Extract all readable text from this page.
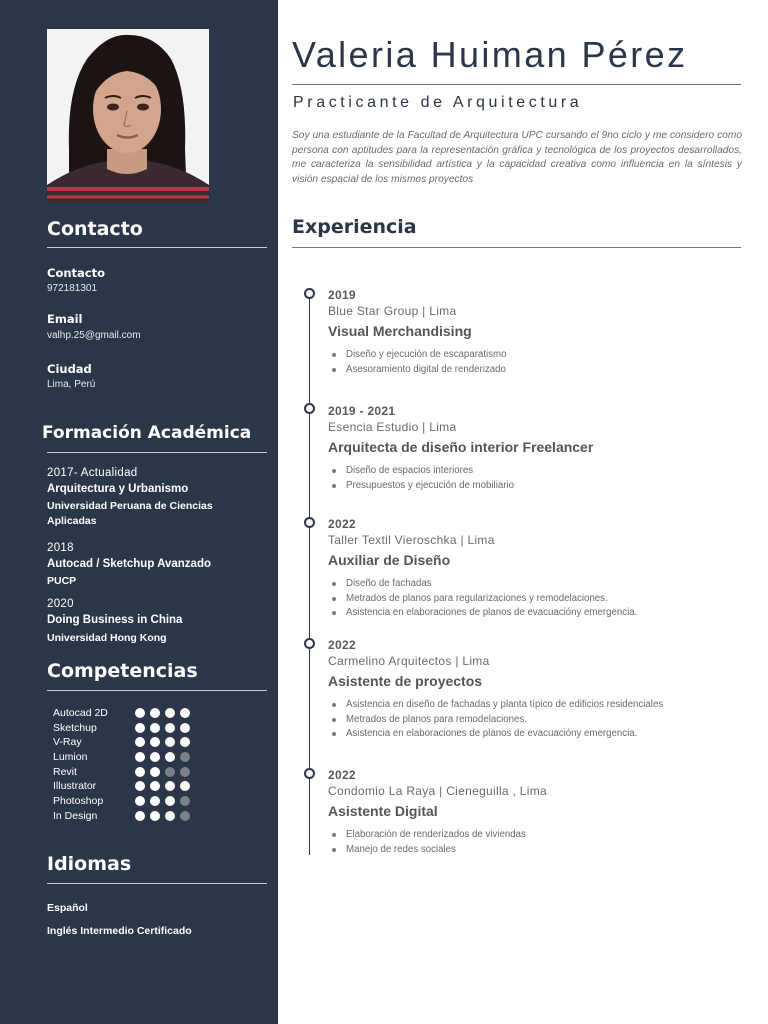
Contacto
Contacto
972181301
Email
valhp.25@gmail.com
Ciudad
Lima, Perú
Formación Académica
2017- Actualidad
Arquitectura y Urbanismo
Universidad Peruana de Ciencias Aplicadas
2018
Autocad / Sketchup Avanzado
PUCP
2020
Doing Business in China
Universidad Hong Kong
Competencias
Autocad 2D
Sketchup
V-Ray
Lumion
Revit
Illustrator
Photoshop
In Design
Idiomas
Español
Inglés Intermedio Certificado
Valeria Huiman Pérez
Practicante de Arquitectura
Soy una estudiante de la Facultad de Arquitectura UPC cursando el 9no ciclo y me considero como persona con aptitudes para la representación gráfica y tecnológica de los proyectos desarrollados, me caracteriza la sensibilidad artística y la capacidad creativa como influencia en la síntesis y visión espacial de los mismos proyectos
Experiencia
2019
Blue Star Group | Lima
Visual Merchandising
Diseño y ejecución de escaparatismo
Asesoramiento digital de renderizado
2019 - 2021
Esencia Estudio | Lima
Arquitecta de diseño interior Freelancer
Diseño de espacios interiores
Presupuestos y ejecución de mobiliario
2022
Taller Textil Vieroschka | Lima
Auxiliar de Diseño
Diseño de fachadas
Metrados de planos para regularizaciones y remodelaciones.
Asistencia en elaboraciones de planos de evacuacióny emergencia.
2022
Carmelino Arquitectos | Lima
Asistente de proyectos
Asistencia en diseño de fachadas y planta típico de edificios residenciales
Metrados de planos para remodelaciones.
Asistencia en elaboraciones de planos de evacuacióny emergencia.
2022
Condomio La Raya | Cieneguilla , Lima
Asistente Digital
Elaboración de renderizados de viviendas
Manejo de redes sociales
